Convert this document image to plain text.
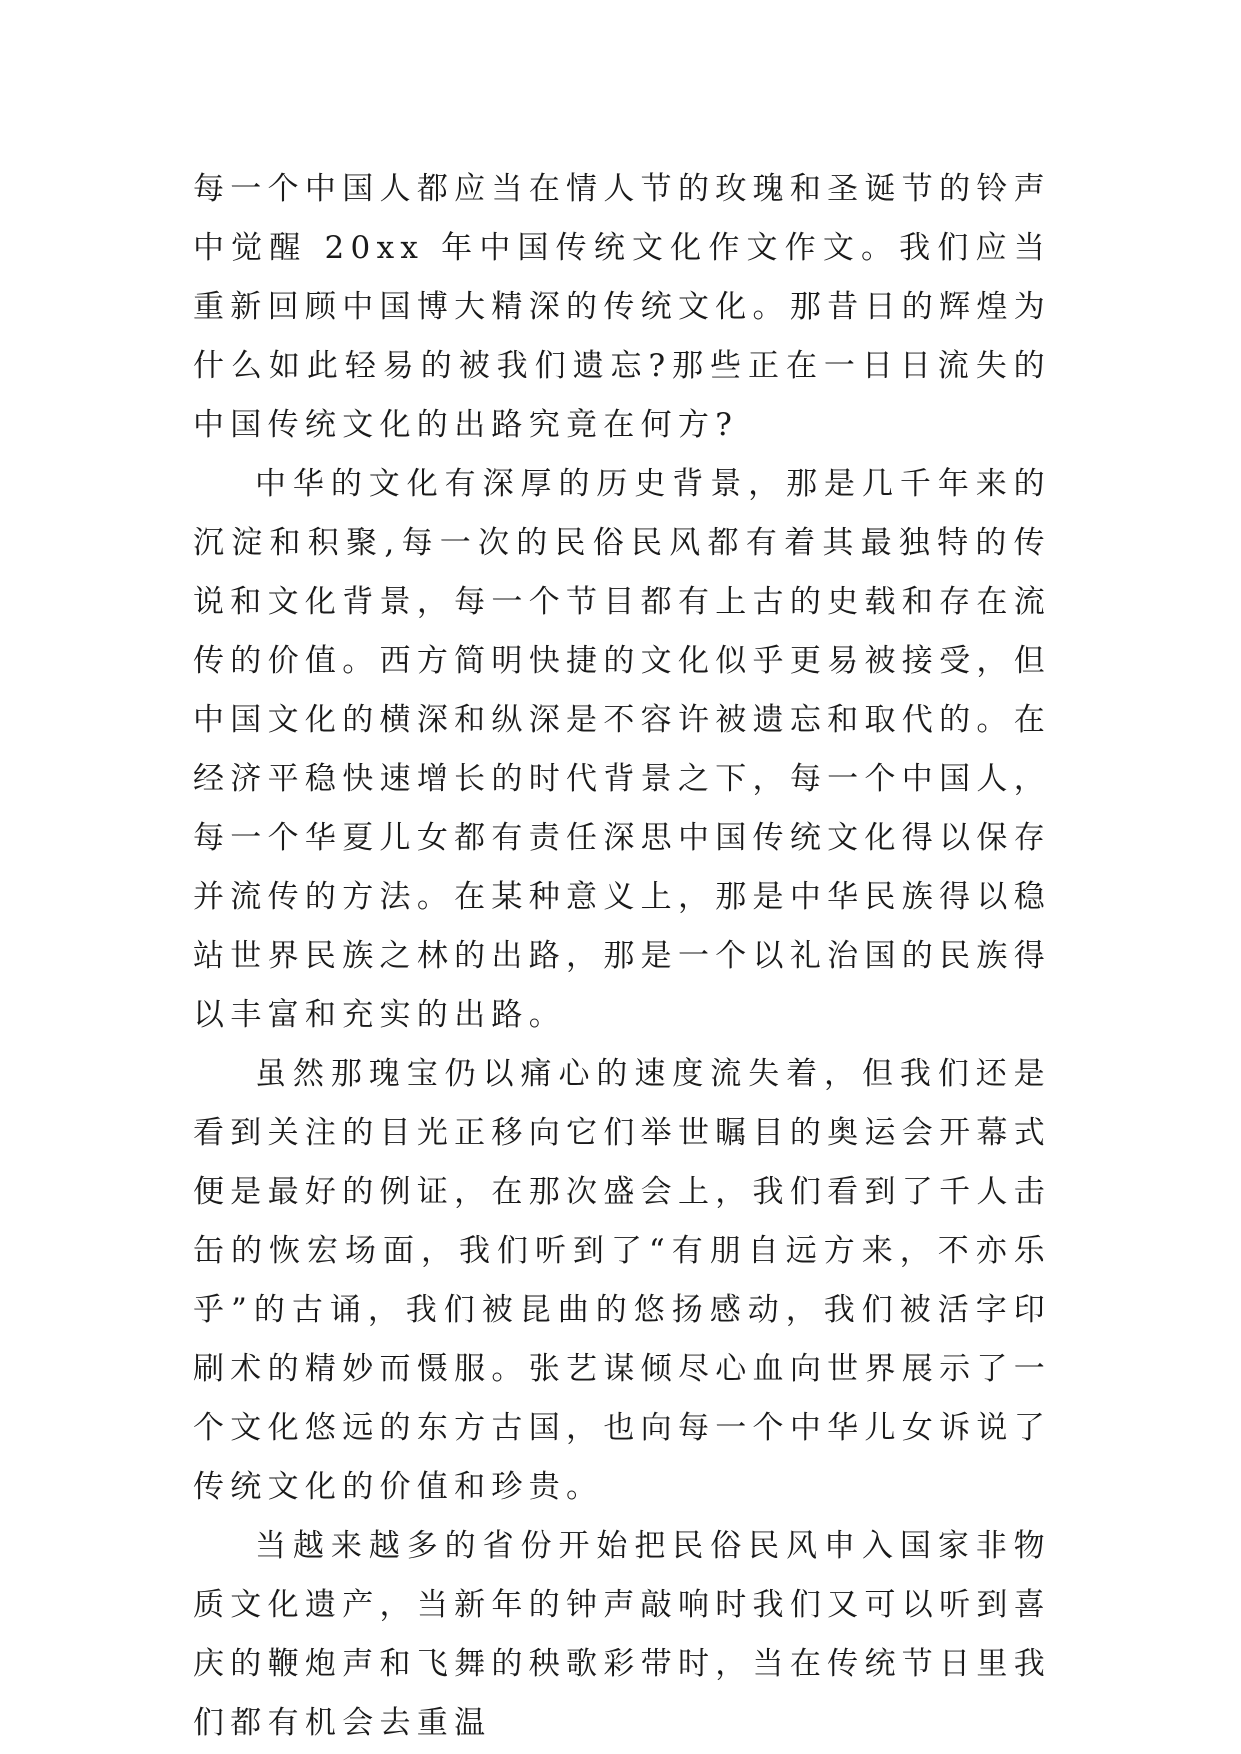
每一个中国人都应当在情人节的玫瑰和圣诞节的铃声中觉醒 20xx 年中国传统文化作文作文。我们应当重新回顾中国博大精深的传统文化。那昔日的辉煌为什么如此轻易的被我们遗忘?那些正在一日日流失的中国传统文化的出路究竟在何方?

中华的文化有深厚的历史背景，那是几千年来的沉淀和积聚,每一次的民俗民风都有着其最独特的传说和文化背景，每一个节目都有上古的史载和存在流传的价值。西方简明快捷的文化似乎更易被接受，但中国文化的横深和纵深是不容许被遗忘和取代的。在经济平稳快速增长的时代背景之下，每一个中国人，每一个华夏儿女都有责任深思中国传统文化得以保存并流传的方法。在某种意义上，那是中华民族得以稳站世界民族之林的出路，那是一个以礼治国的民族得以丰富和充实的出路。

虽然那瑰宝仍以痛心的速度流失着，但我们还是看到关注的目光正移向它们举世瞩目的奥运会开幕式便是最好的例证，在那次盛会上，我们看到了千人击缶的恢宏场面，我们听到了“有朋自远方来，不亦乐乎”的古诵，我们被昆曲的悠扬感动，我们被活字印刷术的精妙而慑服。张艺谋倾尽心血向世界展示了一个文化悠远的东方古国，也向每一个中华儿女诉说了传统文化的价值和珍贵。

当越来越多的省份开始把民俗民风申入国家非物质文化遗产，当新年的钟声敲响时我们又可以听到喜庆的鞭炮声和飞舞的秧歌彩带时，当在传统节日里我们都有机会去重温
